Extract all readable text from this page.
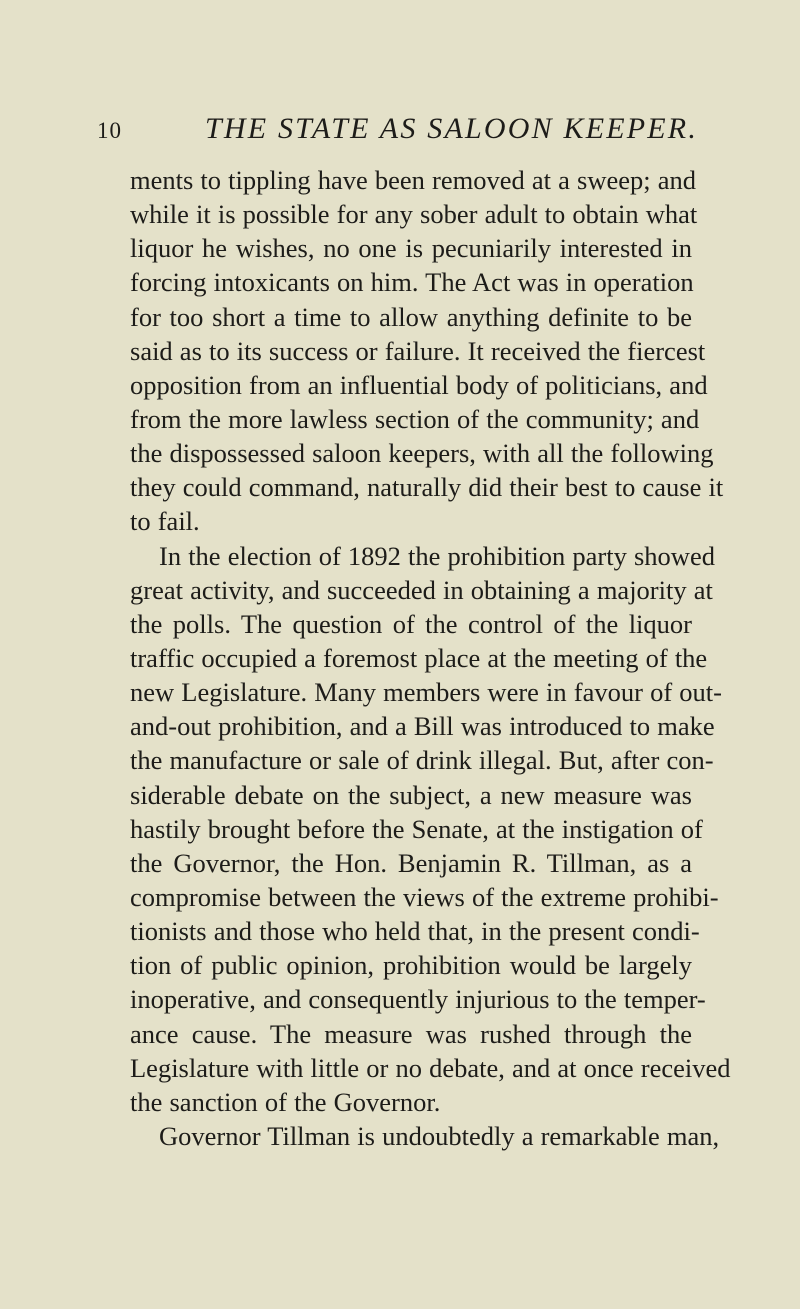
10	THE STATE AS SALOON KEEPER.
ments to tippling have been removed at a sweep; and
while it is possible for any sober adult to obtain what
liquor he wishes, no one is pecuniarily interested in
forcing intoxicants on him. The Act was in operation
for too short a time to allow anything definite to be
said as to its success or failure. It received the fiercest
opposition from an influential body of politicians, and
from the more lawless section of the community; and
the dispossessed saloon keepers, with all the following
they could command, naturally did their best to cause it
to fail.
In the election of 1892 the prohibition party showed
great activity, and succeeded in obtaining a majority at
the polls. The question of the control of the liquor
traffic occupied a foremost place at the meeting of the
new Legislature. Many members were in favour of out-
and-out prohibition, and a Bill was introduced to make
the manufacture or sale of drink illegal. But, after con-
siderable debate on the subject, a new measure was
hastily brought before the Senate, at the instigation of
the Governor, the Hon. Benjamin R. Tillman, as a
compromise between the views of the extreme prohibi-
tionists and those who held that, in the present condi-
tion of public opinion, prohibition would be largely
inoperative, and consequently injurious to the temper-
ance cause. The measure was rushed through the
Legislature with little or no debate, and at once received
the sanction of the Governor.
Governor Tillman is undoubtedly a remarkable man,
